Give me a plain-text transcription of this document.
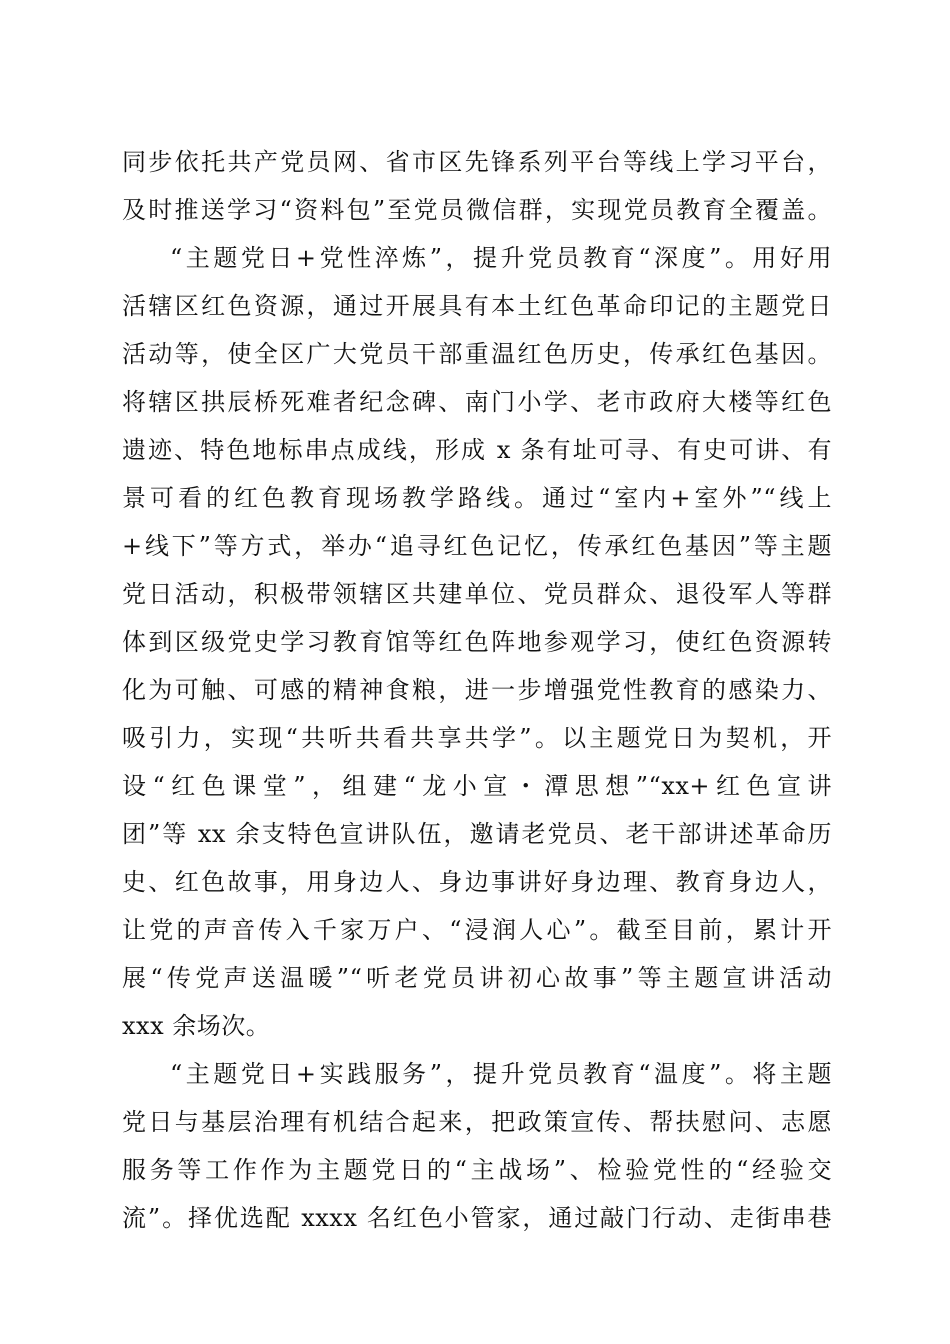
同步依托共产党员网、省市区先锋系列平台等线上学习平台，
及时推送学习“资料包”至党员微信群，实现党员教育全覆盖。
“主题党日+党性淬炼”，提升党员教育“深度”。用好用
活辖区红色资源，通过开展具有本土红色革命印记的主题党日
活动等，使全区广大党员干部重温红色历史，传承红色基因。
将辖区拱辰桥死难者纪念碑、南门小学、老市政府大楼等红色
遗迹、特色地标串点成线，形成 x 条有址可寻、有史可讲、有
景可看的红色教育现场教学路线。通过“室内+室外”“线上
+线下”等方式，举办“追寻红色记忆，传承红色基因”等主题
党日活动，积极带领辖区共建单位、党员群众、退役军人等群
体到区级党史学习教育馆等红色阵地参观学习，使红色资源转
化为可触、可感的精神食粮，进一步增强党性教育的感染力、
吸引力，实现“共听共看共享共学”。以主题党日为契机，开
设“红色课堂”，组建“龙小宣・潭思想”“xx+红色宣讲
团”等 xx 余支特色宣讲队伍，邀请老党员、老干部讲述革命历
史、红色故事，用身边人、身边事讲好身边理、教育身边人，
让党的声音传入千家万户、“浸润人心”。截至目前，累计开
展“传党声送温暖”“听老党员讲初心故事”等主题宣讲活动
xxx 余场次。
“主题党日+实践服务”，提升党员教育“温度”。将主题
党日与基层治理有机结合起来，把政策宣传、帮扶慰问、志愿
服务等工作作为主题党日的“主战场”、检验党性的“经验交
流”。择优选配 xxxx 名红色小管家，通过敲门行动、走街串巷
